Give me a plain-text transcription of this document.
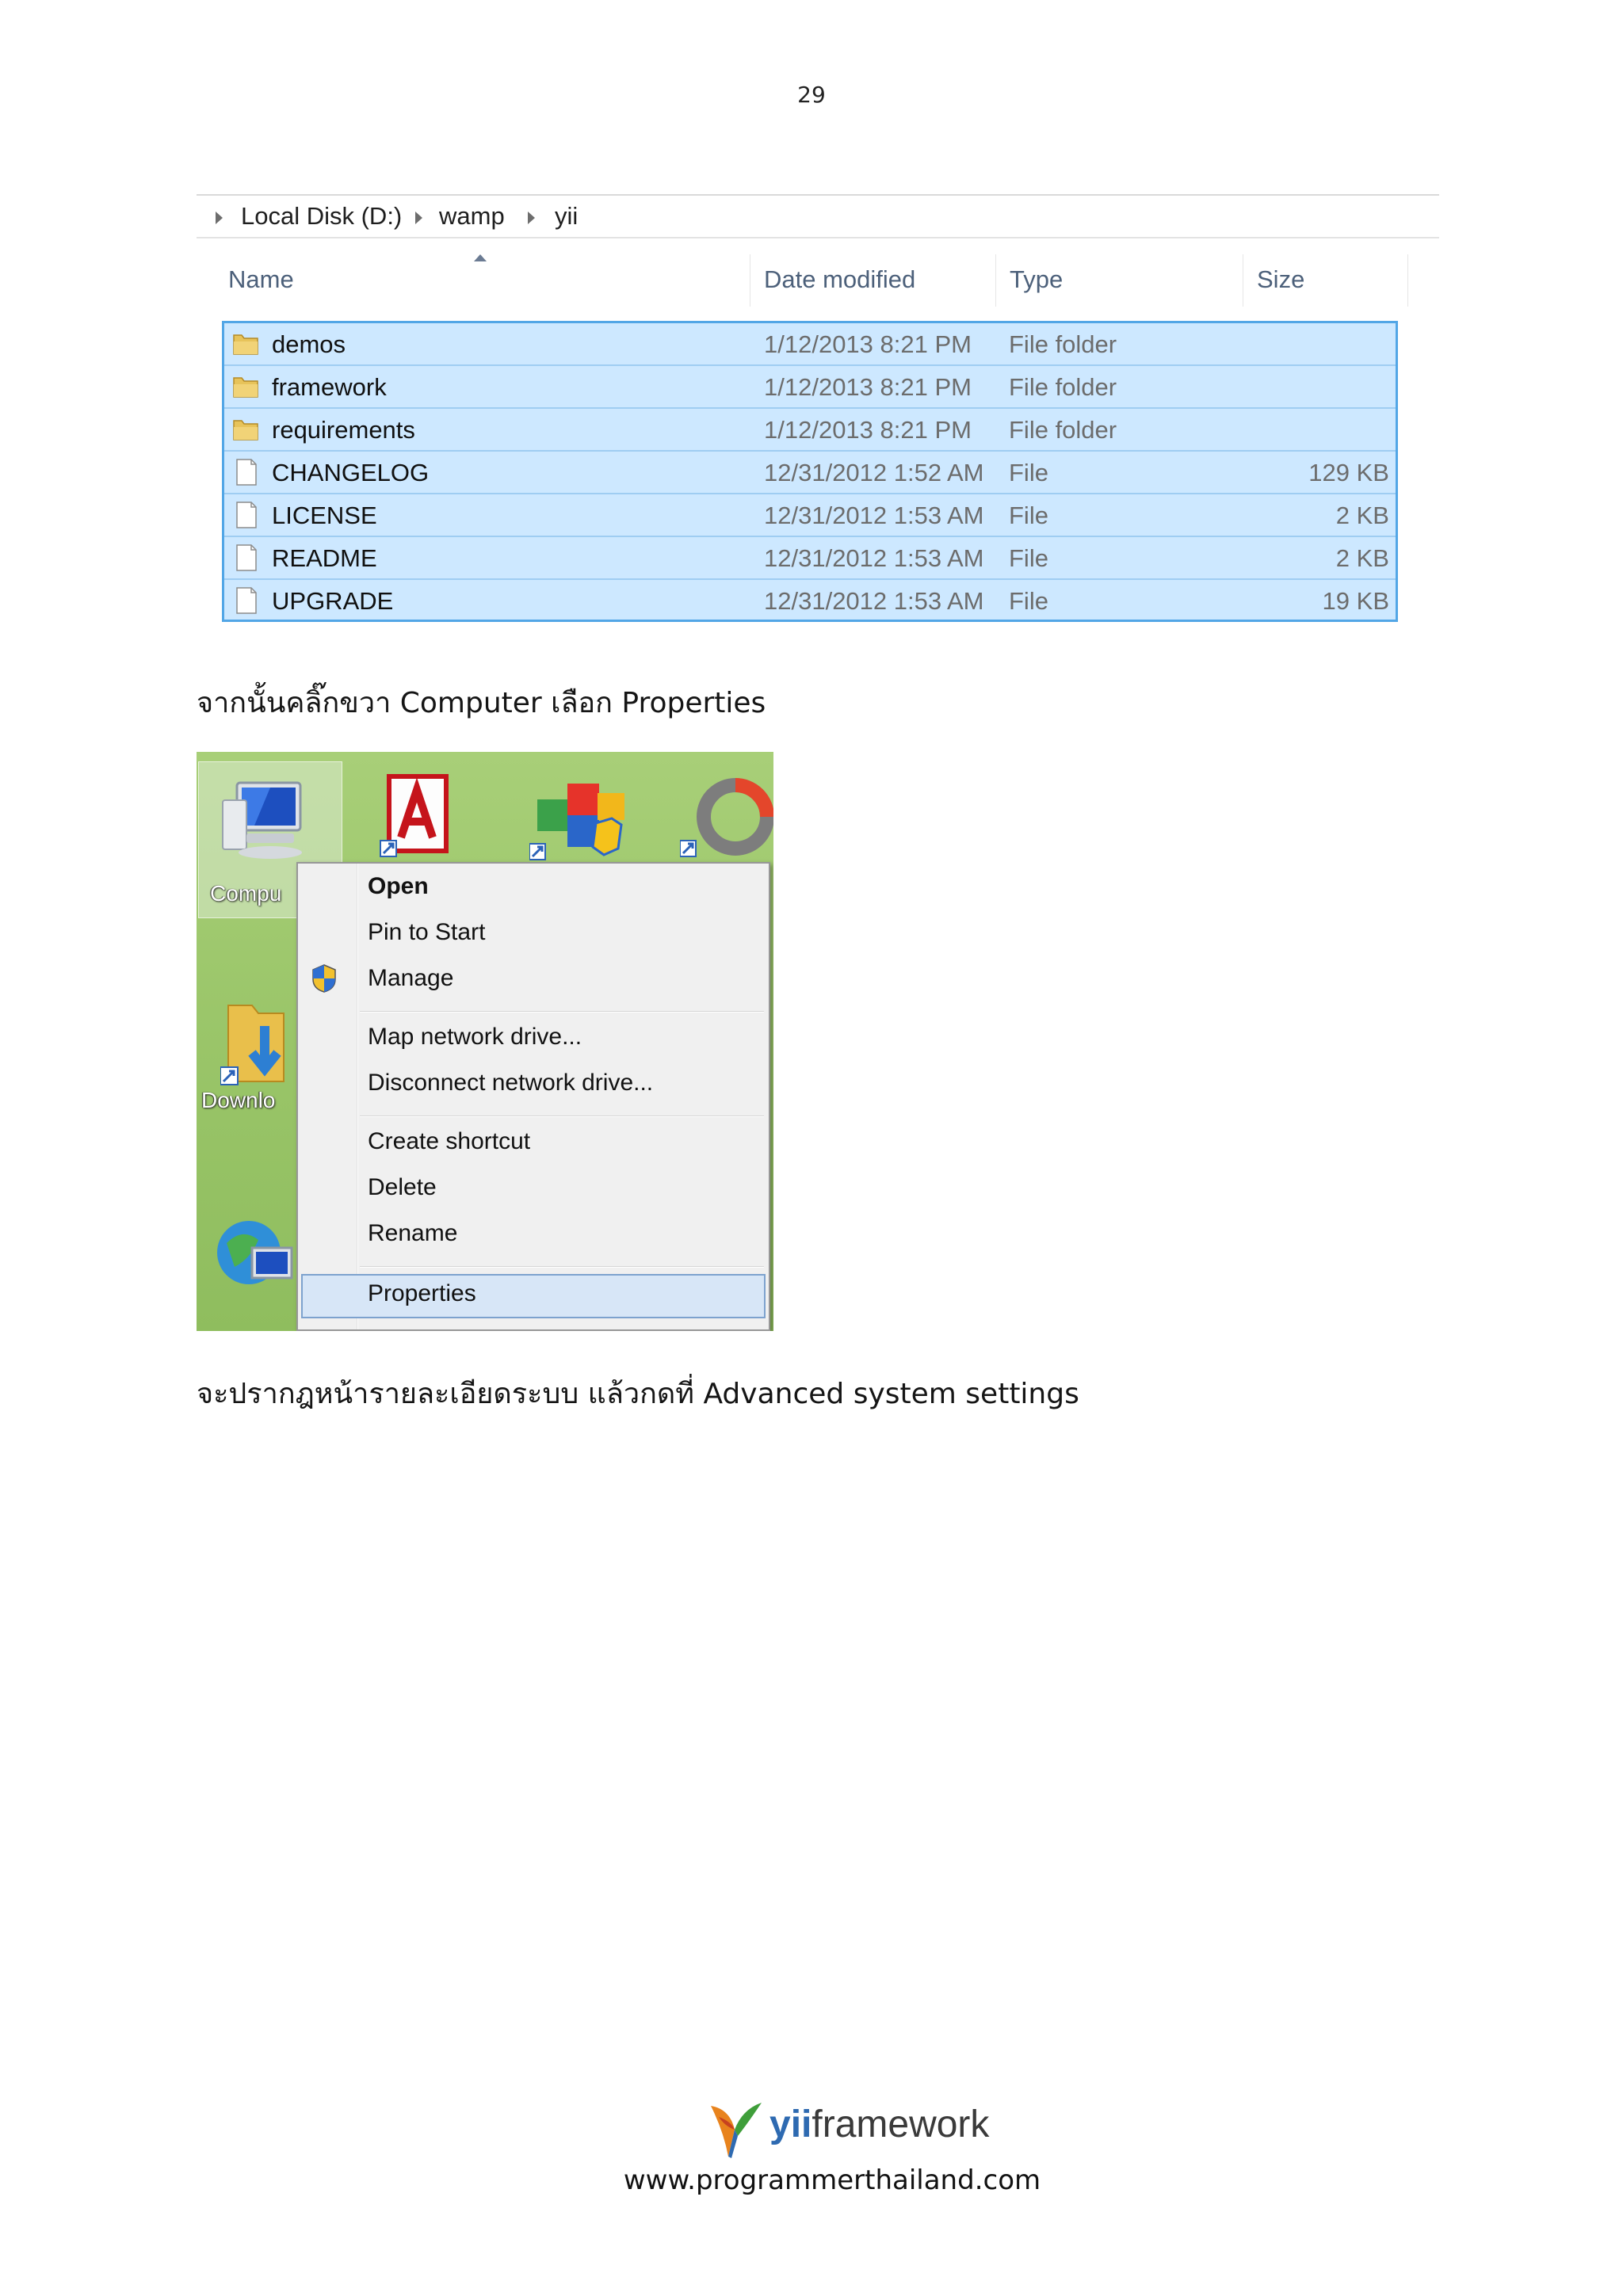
29
Local Disk (D:) wamp yii
Name	Date modified	Type	Size
demos	1/12/2013 8:21 PM File folder
framework	1/12/2013 8:21 PM File folder
requirements	1/12/2013 8:21 PM File folder
CHANGELOG	12/31/2012 1:52 AM File	129 KB
LICENSE	12/31/2012 1:53 AM File	2 KB
README	12/31/2012 1:53 AM File	2 KB
UPGRADE	12/31/2012 1:53 AM File	19 KB
จากนั้นคลิ๊กขวา Computer เลือก Properties
Compu
Downlo
Open
Pin to Start
Manage
Map network drive...
Disconnect network drive...
Create shortcut
Delete
Rename
Properties
จะปรากฎหน้ารายละเอียดระบบ แล้วกดที่ Advanced system settings
yiiframework
www.programmerthailand.com
